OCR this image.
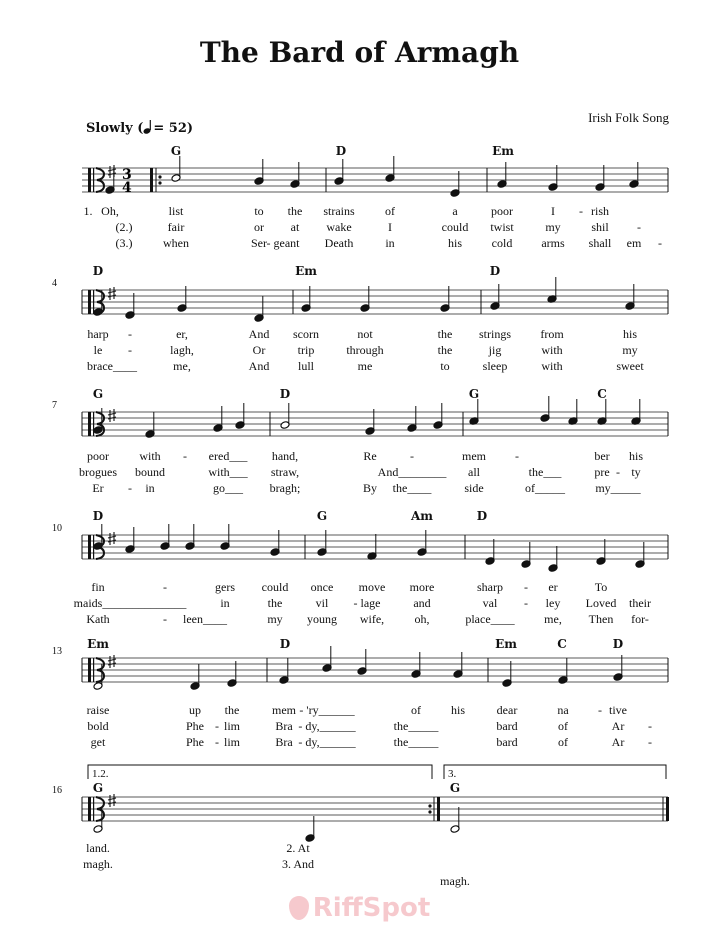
The Bard of Armagh
Irish Folk Song
Slowly ( = 52)
3
4
G	D	Em
1. Oh,	list	to the strains	of	a	poor	I - rish
(2.)	fair	or at wake	I	could twist	my	shil -
(3.)	when	Ser - geant Death	in	his cold arms shall em -
4
D	Em	D
harp -	er,	And scorn	not	the strings from	his
le -	lagh,	Or	trip	through	the	jig	with	my
brace____	me,	And lull	me	to	sleep	with	sweet
7
G	D	G	C
poor	with - ered___ hand,	Re	-	mem -	ber his
brogues bound	with___ straw,	And________ all	the___	pre - ty
Er - in	go___ bragh;	By the____	side	of_____	my_____
10
D	G	Am	D
fin	-	gers could once move more	sharp - er	To
maids______________	in	the	vil - lage	and	val - ley Loved their
Kath	- leen____	my young wife,	oh,	place____ me, Then for-
13
Em	D	Em	C	D
raise	up the	mem - 'ry______	of his	dear	na - tive
bold	Phe - lim	Bra - dy,______	the_____	bard	of	Ar -
get	Phe - lim	Bra - dy,______	the_____	bard	of	Ar -
16	G	G
1.2.	3.
land.	2. At
magh.	3. And
magh.
RiffSpot
